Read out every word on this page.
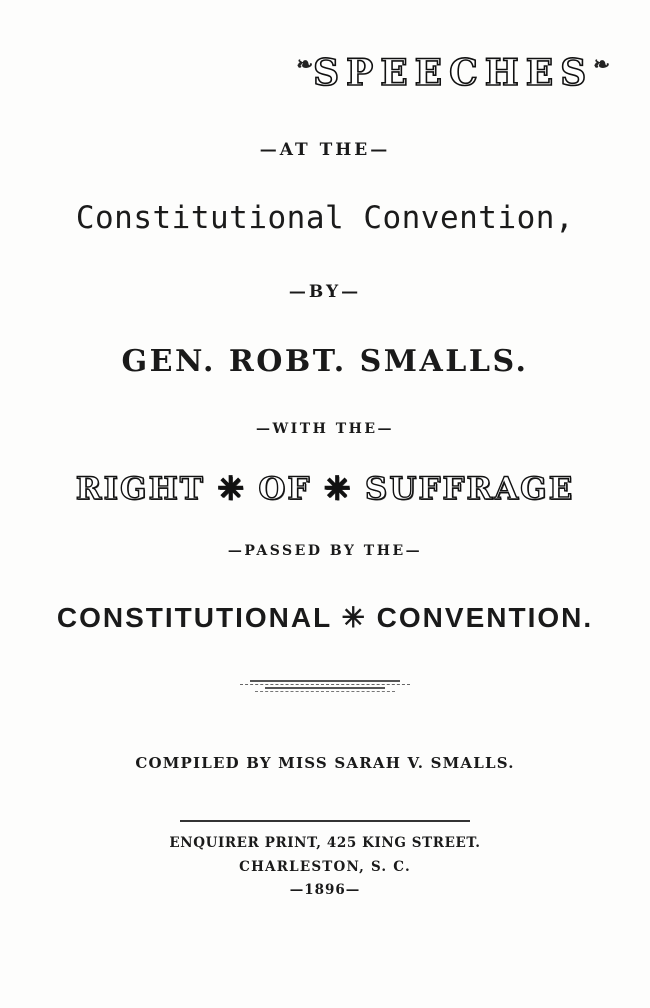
❧SPEECHES❧
—AT THE—
Constitutional Convention,
—BY—
GEN. ROBT. SMALLS.
—WITH THE—
RIGHT ✳ OF ✳ SUFFRAGE
—PASSED BY THE—
CONSTITUTIONAL ✳ CONVENTION.
COMPILED BY MISS SARAH V. SMALLS.
ENQUIRER PRINT, 425 KING STREET.
CHARLESTON, S. C.
—1896—
